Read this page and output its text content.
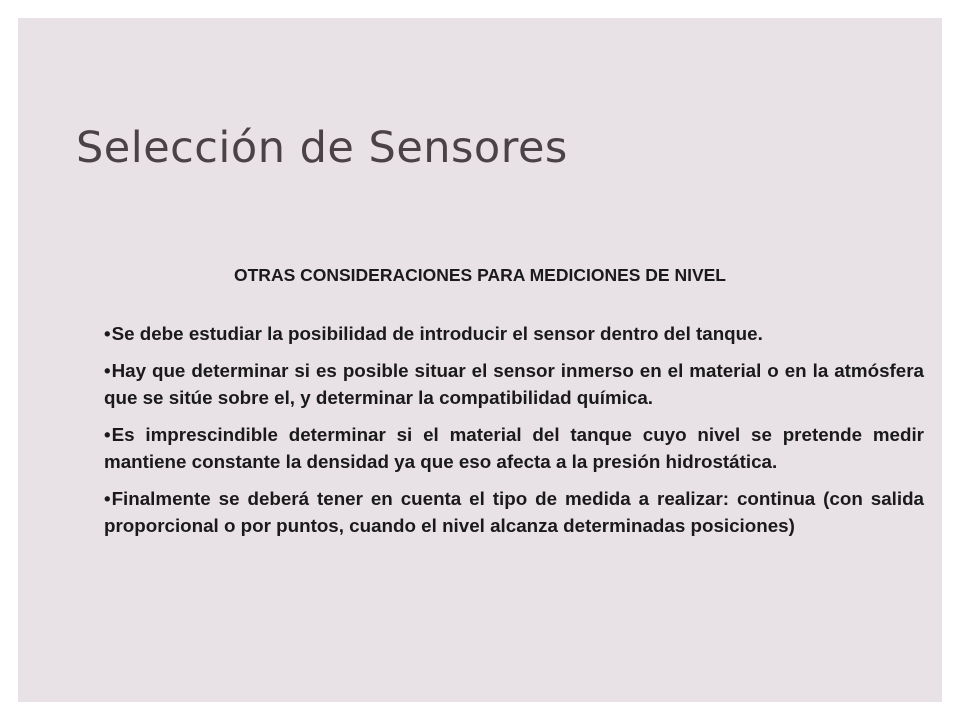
Selección de Sensores
OTRAS CONSIDERACIONES PARA MEDICIONES DE NIVEL
•Se debe estudiar la posibilidad de introducir el sensor dentro del tanque.
•Hay que determinar si es posible situar el sensor inmerso en el material o en la atmósfera que se sitúe sobre el, y determinar la compatibilidad química.
•Es imprescindible determinar si el material del tanque cuyo nivel se pretende medir mantiene constante la densidad ya que eso afecta a la presión hidrostática.
•Finalmente se deberá tener en cuenta el tipo de medida a realizar: continua (con salida proporcional o por puntos, cuando el nivel alcanza determinadas posiciones)
